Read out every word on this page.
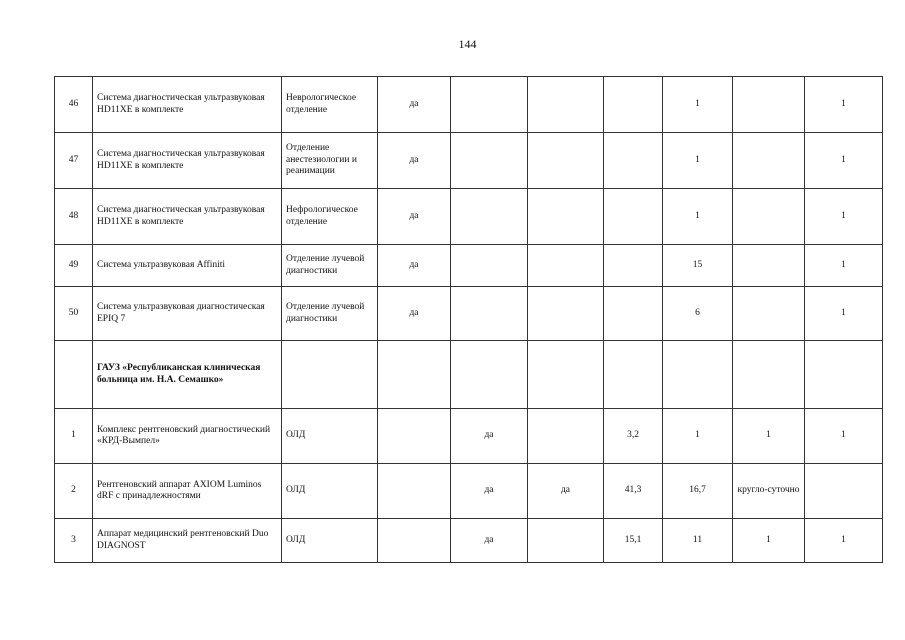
144
46	Система диагностическая ультразвуковая HD11XE в комплекте	Неврологическое отделение	да				1		1
47	Система диагностическая ультразвуковая HD11XE в комплекте	Отделение анестезиологии и реанимации	да				1		1
48	Система диагностическая ультразвуковая HD11XE в комплекте	Нефрологическое отделение	да				1		1
49	Система ультразвуковая Affiniti	Отделение лучевой диагностики	да				15		1
50	Система ультразвуковая диагностическая EPIQ 7	Отделение лучевой диагностики	да				6		1
	ГАУЗ «Республиканская клиническая больница им. Н.А. Семашко»								
1	Комплекс рентгеновский диагностический «КРД-Вымпел»	ОЛД		да		3,2	1	1	1
2	Рентгеновский аппарат AXIOM Luminos dRF с принадлежностями	ОЛД		да	да	41,3	16,7	кругло-суточно	
3	Аппарат медицинский рентгеновский Duo DIAGNOST	ОЛД		да		15,1	11	1	1
